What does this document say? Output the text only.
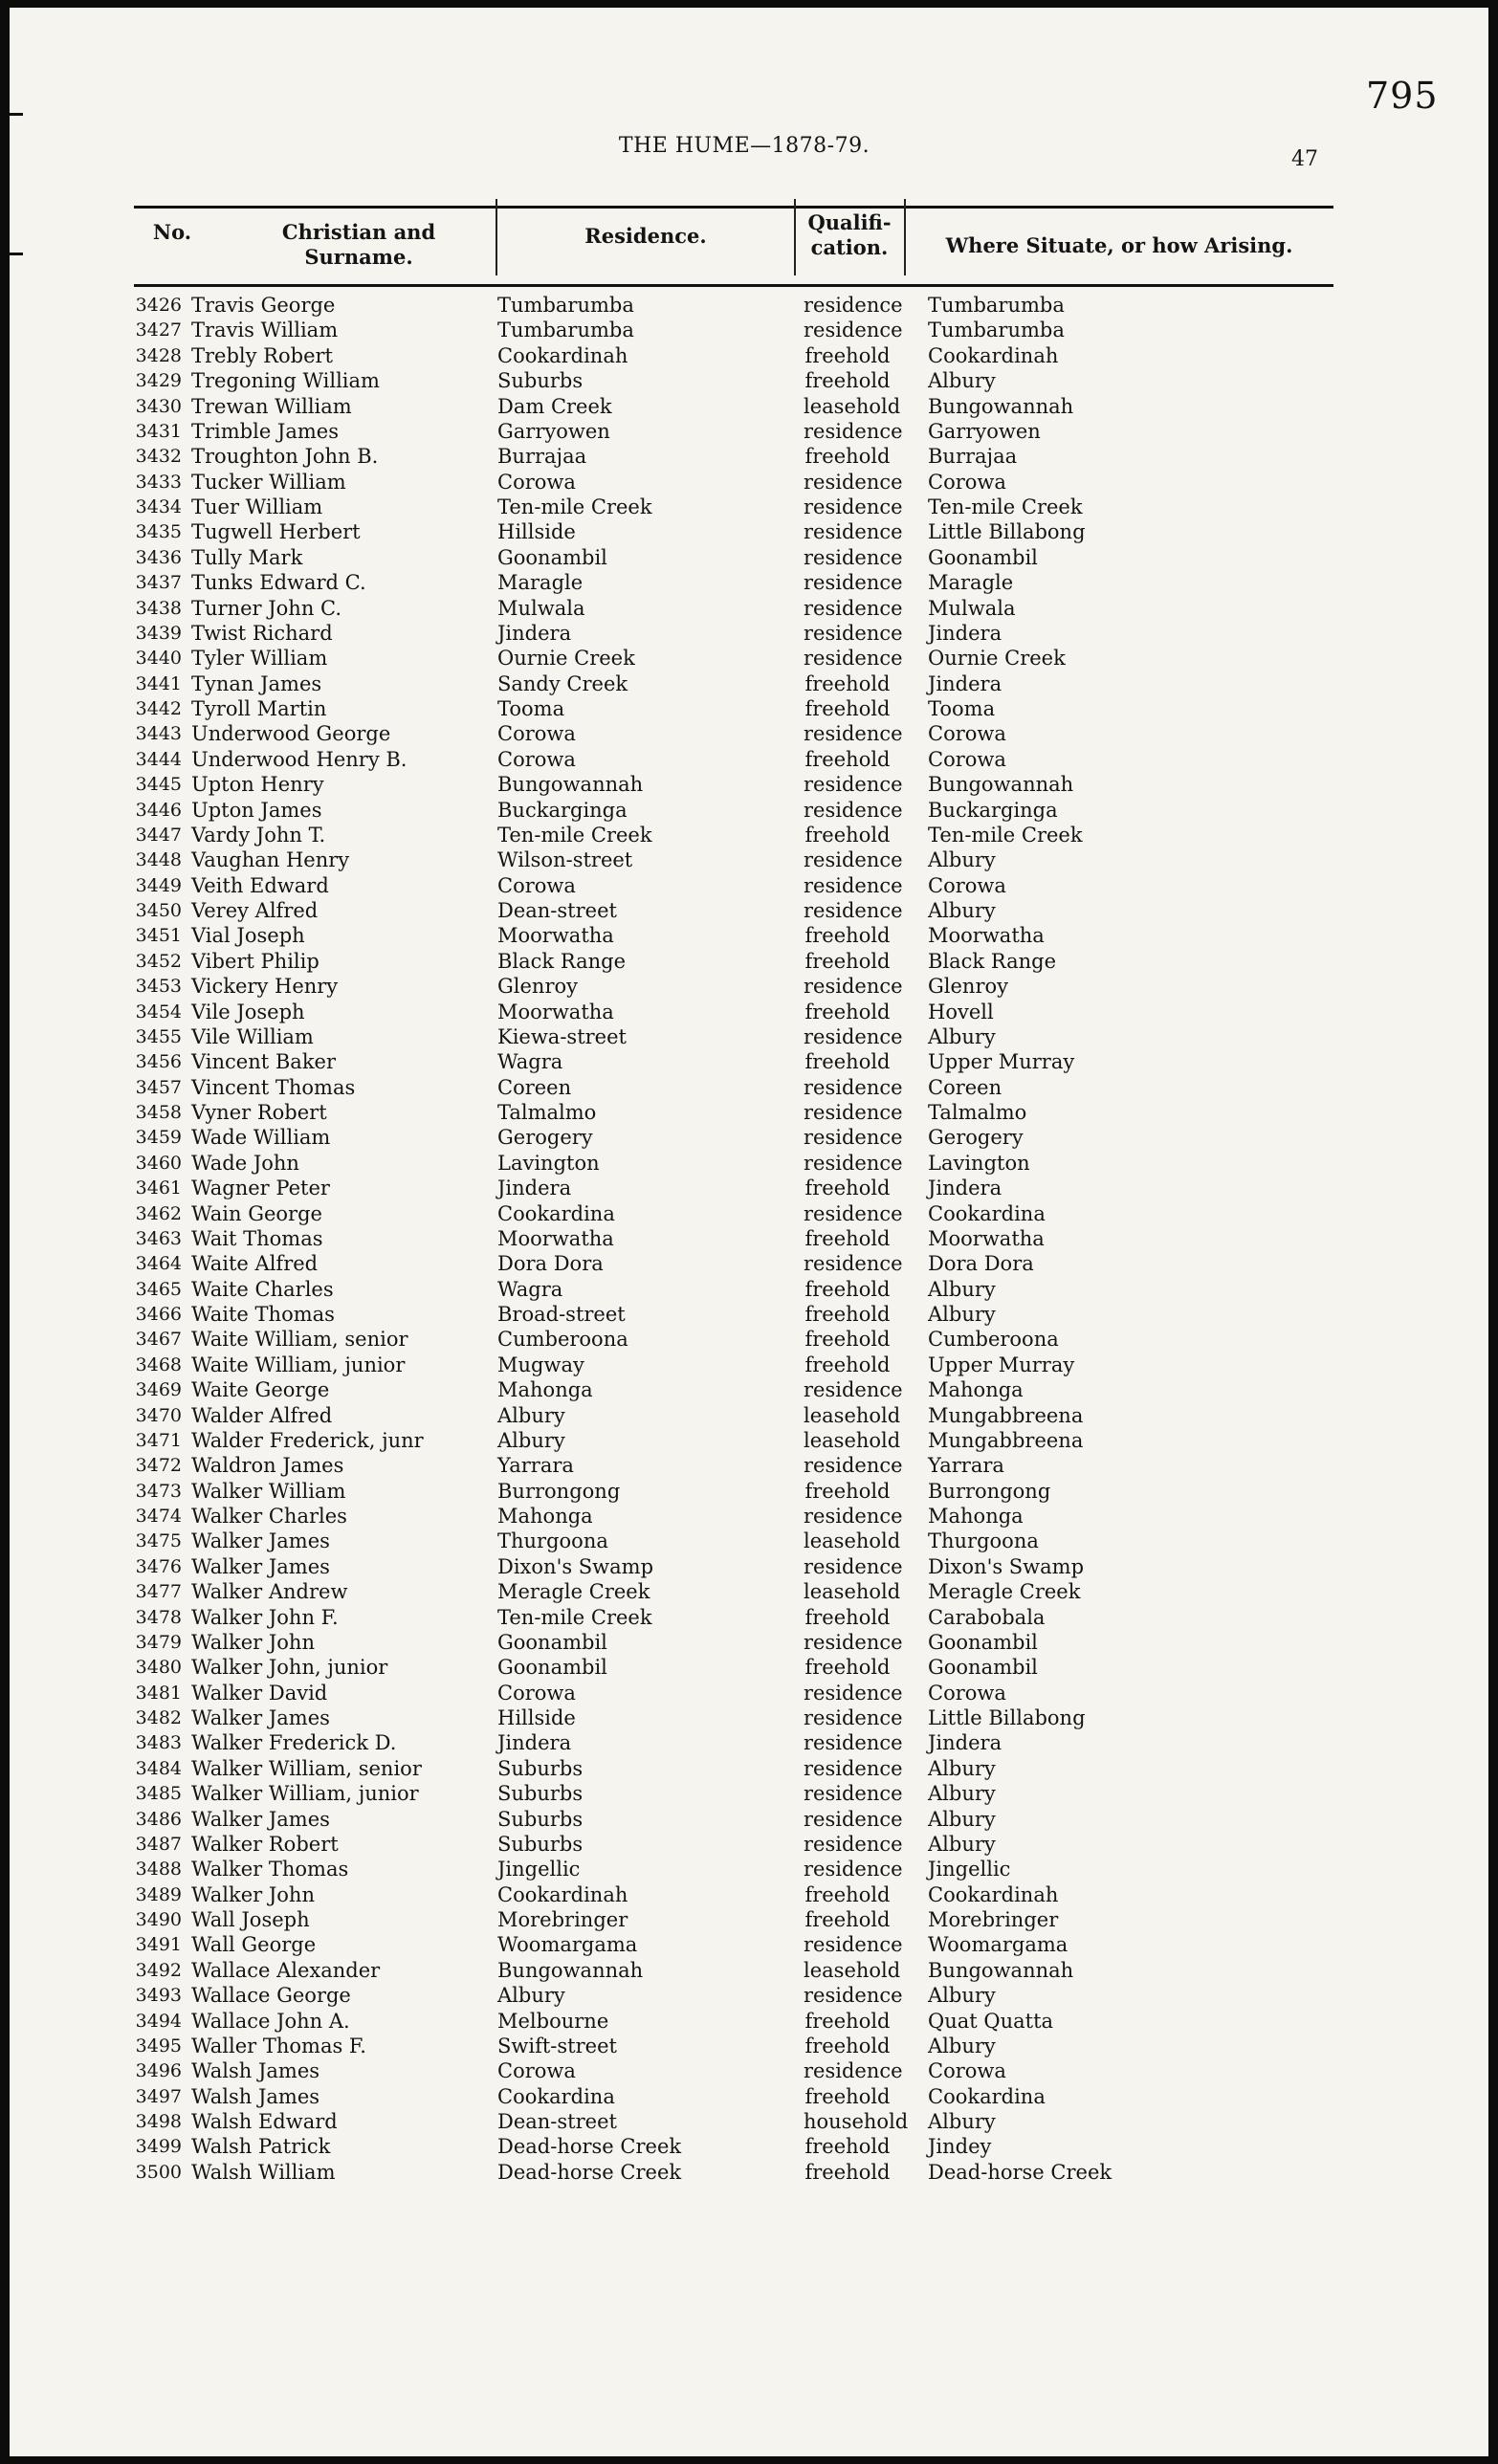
795
THE HUME—1878-79.
47
No.	Christian and Surname.
Residence.
Qualifi-cation.	Where Situate, or how Arising.
3426 Travis George	Tumbarumba	residence Tumbarumba
3427 Travis William	Tumbarumba	residence Tumbarumba
3428 Trebly Robert	Cookardinah	freehold Cookardinah
3429 Tregoning William	Suburbs	freehold Albury
3430 Trewan William	Dam Creek	leasehold Bungowannah
3431 Trimble James	Garryowen	residence Garryowen
3432 Troughton John B.	Burrajaa	freehold Burrajaa
3433 Tucker William	Corowa	residence Corowa
3434 Tuer William	Ten-mile Creek	residence Ten-mile Creek
3435 Tugwell Herbert	Hillside	residence Little Billabong
3436 Tully Mark	Goonambil	residence Goonambil
3437 Tunks Edward C.	Maragle	residence Maragle
3438 Turner John C.	Mulwala	residence Mulwala
3439 Twist Richard	Jindera	residence Jindera
3440 Tyler William	Ournie Creek	residence Ournie Creek
3441 Tynan James	Sandy Creek	freehold Jindera
3442 Tyroll Martin	Tooma	freehold Tooma
3443 Underwood George	Corowa	residence Corowa
3444 Underwood Henry B.	Corowa	freehold Corowa
3445 Upton Henry	Bungowannah	residence Bungowannah
3446 Upton James	Buckarginga	residence Buckarginga
3447 Vardy John T.	Ten-mile Creek	freehold Ten-mile Creek
3448 Vaughan Henry	Wilson-street	residence Albury
3449 Veith Edward	Corowa	residence Corowa
3450 Verey Alfred	Dean-street	residence Albury
3451 Vial Joseph	Moorwatha	freehold Moorwatha
3452 Vibert Philip	Black Range	freehold Black Range
3453 Vickery Henry	Glenroy	residence Glenroy
3454 Vile Joseph	Moorwatha	freehold Hovell
3455 Vile William	Kiewa-street	residence Albury
3456 Vincent Baker	Wagra	freehold Upper Murray
3457 Vincent Thomas	Coreen	residence Coreen
3458 Vyner Robert	Talmalmo	residence Talmalmo
3459 Wade William	Gerogery	residence Gerogery
3460 Wade John	Lavington	residence Lavington
3461 Wagner Peter	Jindera	freehold Jindera
3462 Wain George	Cookardina	residence Cookardina
3463 Wait Thomas	Moorwatha	freehold Moorwatha
3464 Waite Alfred	Dora Dora	residence Dora Dora
3465 Waite Charles	Wagra	freehold Albury
3466 Waite Thomas	Broad-street	freehold Albury
3467 Waite William, senior	Cumberoona	freehold Cumberoona
3468 Waite William, junior	Mugway	freehold Upper Murray
3469 Waite George	Mahonga	residence Mahonga
3470 Walder Alfred	Albury	leasehold Mungabbreena
3471 Walder Frederick, junr	Albury	leasehold Mungabbreena
3472 Waldron James	Yarrara	residence Yarrara
3473 Walker William	Burrongong	freehold Burrongong
3474 Walker Charles	Mahonga	residence Mahonga
3475 Walker James	Thurgoona	leasehold Thurgoona
3476 Walker James	Dixon's Swamp	residence Dixon's Swamp
3477 Walker Andrew	Meragle Creek	leasehold Meragle Creek
3478 Walker John F.	Ten-mile Creek	freehold Carabobala
3479 Walker John	Goonambil	residence Goonambil
3480 Walker John, junior	Goonambil	freehold Goonambil
3481 Walker David	Corowa	residence Corowa
3482 Walker James	Hillside	residence Little Billabong
3483 Walker Frederick D.	Jindera	residence Jindera
3484 Walker William, senior	Suburbs	residence Albury
3485 Walker William, junior	Suburbs	residence Albury
3486 Walker James	Suburbs	residence Albury
3487 Walker Robert	Suburbs	residence Albury
3488 Walker Thomas	Jingellic	residence Jingellic
3489 Walker John	Cookardinah	freehold Cookardinah
3490 Wall Joseph	Morebringer	freehold Morebringer
3491 Wall George	Woomargama	residence Woomargama
3492 Wallace Alexander	Bungowannah	leasehold Bungowannah
3493 Wallace George	Albury	residence Albury
3494 Wallace John A.	Melbourne	freehold Quat Quatta
3495 Waller Thomas F.	Swift-street	freehold Albury
3496 Walsh James	Corowa	residence Corowa
3497 Walsh James	Cookardina	freehold Cookardina
3498 Walsh Edward	Dean-street	household Albury
3499 Walsh Patrick	Dead-horse Creek	freehold Jindey
3500 Walsh William	Dead-horse Creek	freehold Dead-horse Creek
